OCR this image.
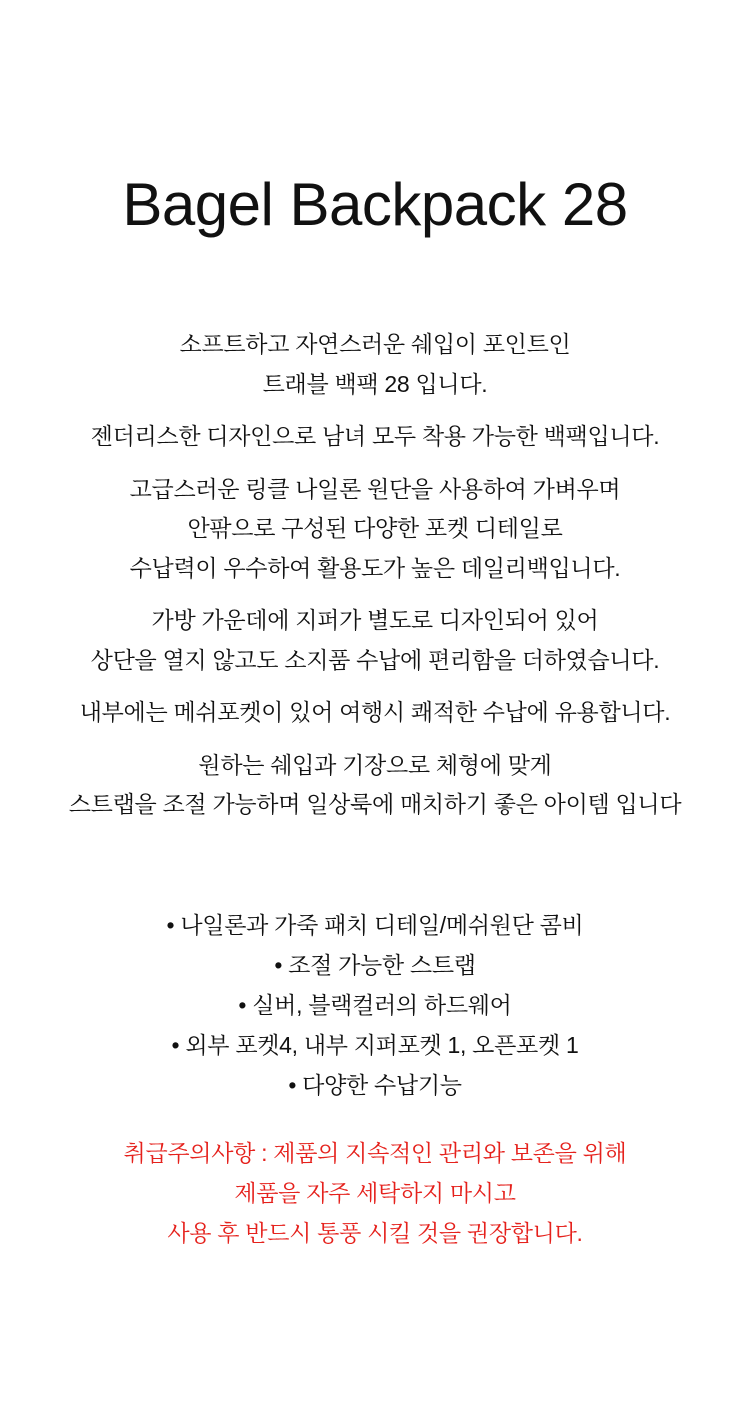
Bagel Backpack 28
소프트하고 자연스러운 쉐입이 포인트인
트래블 백팩 28 입니다.
젠더리스한 디자인으로 남녀 모두 착용 가능한 백팩입니다.
고급스러운 링클 나일론 원단을 사용하여 가벼우며
안팎으로 구성된 다양한 포켓 디테일로
수납력이 우수하여 활용도가 높은 데일리백입니다.
가방 가운데에 지퍼가 별도로 디자인되어 있어
상단을 열지 않고도 소지품 수납에 편리함을 더하였습니다.
내부에는 메쉬포켓이 있어 여행시 쾌적한 수납에 유용합니다.
원하는 쉐입과 기장으로 체형에 맞게
스트랩을 조절 가능하며 일상룩에 매치하기 좋은 아이템 입니다
• 나일론과 가죽 패치 디테일/메쉬원단 콤비
• 조절 가능한 스트랩
• 실버, 블랙컬러의 하드웨어
• 외부 포켓4, 내부 지퍼포켓 1, 오픈포켓 1
• 다양한 수납기능
취급주의사항 : 제품의 지속적인 관리와 보존을 위해
제품을 자주 세탁하지 마시고
사용 후 반드시 통풍 시킬 것을 권장합니다.
